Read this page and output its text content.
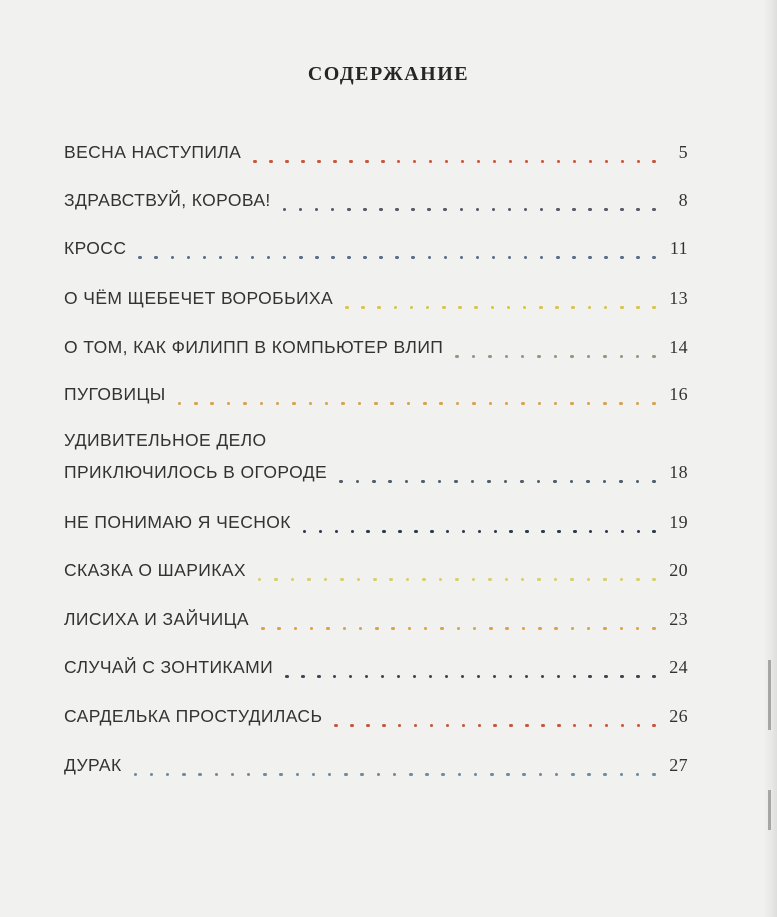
СОДЕРЖАНИЕ
ВЕСНА НАСТУПИЛА	5
ЗДРАВСТВУЙ, КОРОВА!	8
КРОСС	11
О ЧЁМ ЩЕБЕЧЕТ ВОРОБЬИХА	13
О ТОМ, КАК ФИЛИПП В КОМПЬЮТЕР ВЛИП	14
ПУГОВИЦЫ	16
УДИВИТЕЛЬНОЕ ДЕЛО
ПРИКЛЮЧИЛОСЬ В ОГОРОДЕ	18
НЕ ПОНИМАЮ Я ЧЕСНОК	19
СКАЗКА О ШАРИКАХ	20
ЛИСИХА И ЗАЙЧИЦА	23
СЛУЧАЙ С ЗОНТИКАМИ	24
САРДЕЛЬКА ПРОСТУДИЛАСЬ	26
ДУРАК	27
